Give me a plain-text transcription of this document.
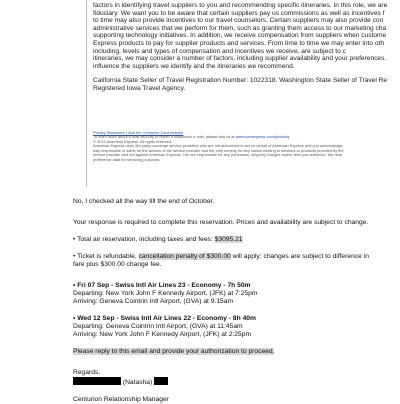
factors in identifying travel suppliers to you and recommending specific itineraries. In this role, we are

fiduciary. We want you to be aware that certain suppliers pay us commissions as well as incentives f

to time may also provide incentives to our travel counselors. Certain suppliers may also provide con

administrative services that we perform for them, such as granting them access to our marketing cha

supporting technology initiatives. In addition, we receive compensation from suppliers when custome

Express products to pay for supplier products and services. From time to time we may enter into oth

including, levels and types of compensation and incentives we receive, are subject to c

itineraries, we may consider a number of factors, including supplier availability and your preferences.

influence the suppliers we identify and the itineraries we recommend.

California State Seller of Travel Registration Number: 1022318. Washington State Seller of Travel Re

Registered Iowa Travel Agency.

Privacy Statement | Visit the Centurion Card website
To learn more about e-mail security or report a suspicious e-mail, please visit us at americanexpress.com/phishing
© 2015 American Express. All rights reserved
American Express uses 3rd party concierge service providers who are not authorized to act on behalf of American Express and you acknowledge
way responsible or liable for the actions of the service provider and the only remedy for any claims relating to services or products provided by the
service provider and not against American Express. You are responsible for any purchases, shipping charges and/or fees you authorize. We rese
preference data for servicing purposes.

No, I checked all the way till the end of October.

Your response is required to complete this reservation. Prices and availability are subject to change.

• Total air reservation, including taxes and fees: $3095.21

• Ticket is refundable, cancellation penalty of $300.00 will apply; changes are subject to difference in

fare plus $300.00 change fee.

• Fri 07 Sep - Swiss Intl Air Lines 23 - Economy - 7h 50m

Departing: New York John F Kennedy Airport, (JFK) at 7:25pm

Arriving: Geneva Cointrin Intl Airport, (GVA) at 9.15am

• Wed 12 Sep - Swiss Intl Air Lines 22 - Economy - 8h 40m

Departing: Geneva Cointrin Intl Airport, (GVA) at 11:45am

Arriving: New York John F Kennedy Airport, (JFK) at 2:25pm

Please reply to this email and provide your authorization to proceed.

Regards,

(Natasha)

Centurion Relationship Manager
